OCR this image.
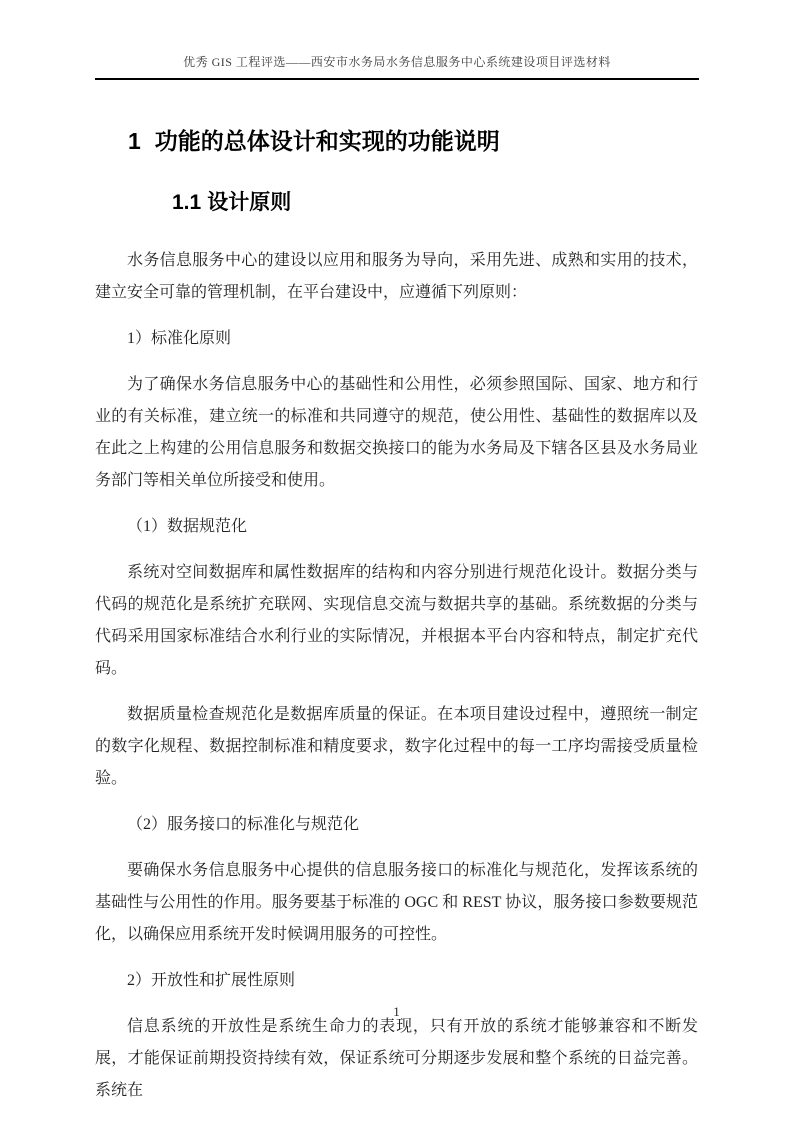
优秀 GIS 工程评选——西安市水务局水务信息服务中心系统建设项目评选材料
1 功能的总体设计和实现的功能说明
1.1 设计原则

水务信息服务中心的建设以应用和服务为导向，采用先进、成熟和实用的技术，建立安全可靠的管理机制，在平台建设中，应遵循下列原则：

1）标准化原则

为了确保水务信息服务中心的基础性和公用性，必须参照国际、国家、地方和行业的有关标准，建立统一的标准和共同遵守的规范，使公用性、基础性的数据库以及在此之上构建的公用信息服务和数据交换接口的能为水务局及下辖各区县及水务局业务部门等相关单位所接受和使用。

（1）数据规范化

系统对空间数据库和属性数据库的结构和内容分别进行规范化设计。数据分类与代码的规范化是系统扩充联网、实现信息交流与数据共享的基础。系统数据的分类与代码采用国家标准结合水利行业的实际情况，并根据本平台内容和特点，制定扩充代码。

数据质量检查规范化是数据库质量的保证。在本项目建设过程中，遵照统一制定的数字化规程、数据控制标准和精度要求，数字化过程中的每一工序均需接受质量检验。

（2）服务接口的标准化与规范化

要确保水务信息服务中心提供的信息服务接口的标准化与规范化，发挥该系统的基础性与公用性的作用。服务要基于标准的 OGC 和 REST 协议，服务接口参数要规范化，以确保应用系统开发时候调用服务的可控性。

2）开放性和扩展性原则

信息系统的开放性是系统生命力的表现，只有开放的系统才能够兼容和不断发展，才能保证前期投资持续有效，保证系统可分期逐步发展和整个系统的日益完善。系统在

1
